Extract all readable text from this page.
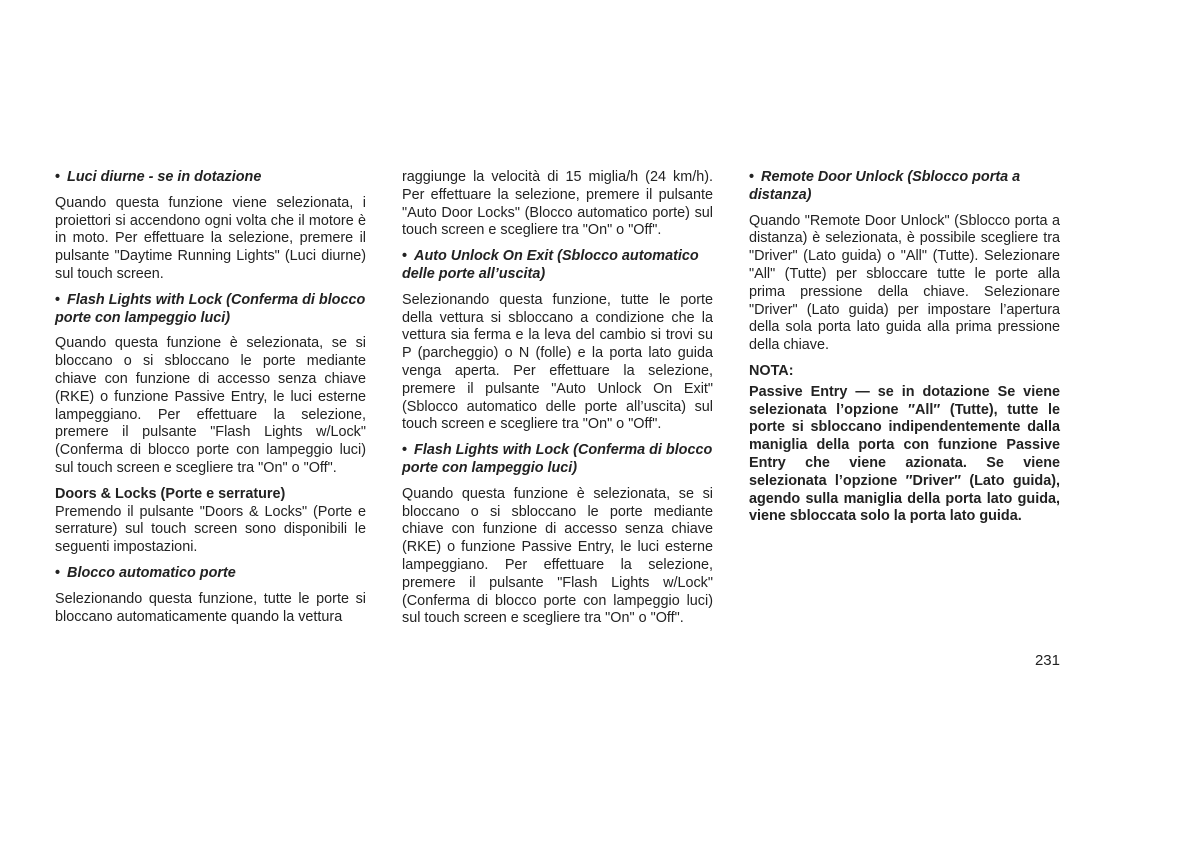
• Luci diurne - se in dotazione

Quando questa funzione viene selezionata, i proiettori si accendono ogni volta che il motore è in moto. Per effettuare la selezione, premere il pulsante "Daytime Running Lights" (Luci diurne) sul touch screen.

• Flash Lights with Lock (Conferma di blocco porte con lampeggio luci)

Quando questa funzione è selezionata, se si bloccano o si sbloccano le porte mediante chiave con funzione di accesso senza chiave (RKE) o funzione Passive Entry, le luci esterne lampeggiano. Per effettuare la selezione, premere il pulsante "Flash Lights w/Lock" (Conferma di blocco porte con lampeggio luci) sul touch screen e scegliere tra "On" o "Off".

Doors & Locks (Porte e serrature)

Premendo il pulsante "Doors & Locks" (Porte e serrature) sul touch screen sono disponibili le seguenti impostazioni.

• Blocco automatico porte

Selezionando questa funzione, tutte le porte si bloccano automaticamente quando la vettura

raggiunge la velocità di 15 miglia/h (24 km/h). Per effettuare la selezione, premere il pulsante "Auto Door Locks" (Blocco automatico porte) sul touch screen e scegliere tra "On" o "Off".

• Auto Unlock On Exit (Sblocco automatico delle porte all’uscita)

Selezionando questa funzione, tutte le porte della vettura si sbloccano a condizione che la vettura sia ferma e la leva del cambio si trovi su P (parcheggio) o N (folle) e la porta lato guida venga aperta. Per effettuare la selezione, premere il pulsante "Auto Unlock On Exit" (Sblocco automatico delle porte all’uscita) sul touch screen e scegliere tra "On" o "Off".

• Flash Lights with Lock (Conferma di blocco porte con lampeggio luci)

Quando questa funzione è selezionata, se si bloccano o si sbloccano le porte mediante chiave con funzione di accesso senza chiave (RKE) o funzione Passive Entry, le luci esterne lampeggiano. Per effettuare la selezione, premere il pulsante "Flash Lights w/Lock" (Conferma di blocco porte con lampeggio luci) sul touch screen e scegliere tra "On" o "Off".

• Remote Door Unlock (Sblocco porta a distanza)

Quando "Remote Door Unlock" (Sblocco porta a distanza) è selezionata, è possibile scegliere tra "Driver" (Lato guida) o "All" (Tutte). Selezionare "All" (Tutte) per sbloccare tutte le porte alla prima pressione della chiave. Selezionare "Driver" (Lato guida) per impostare l’apertura della sola porta lato guida alla prima pressione della chiave.

NOTA:

Passive Entry — se in dotazione Se viene selezionata l’opzione ″All″ (Tutte), tutte le porte si sbloccano indipendentemente dalla maniglia della porta con funzione Passive Entry che viene azionata. Se viene selezionata l’opzione ″Driver″ (Lato guida), agendo sulla maniglia della porta lato guida, viene sbloccata solo la porta lato guida.

231
